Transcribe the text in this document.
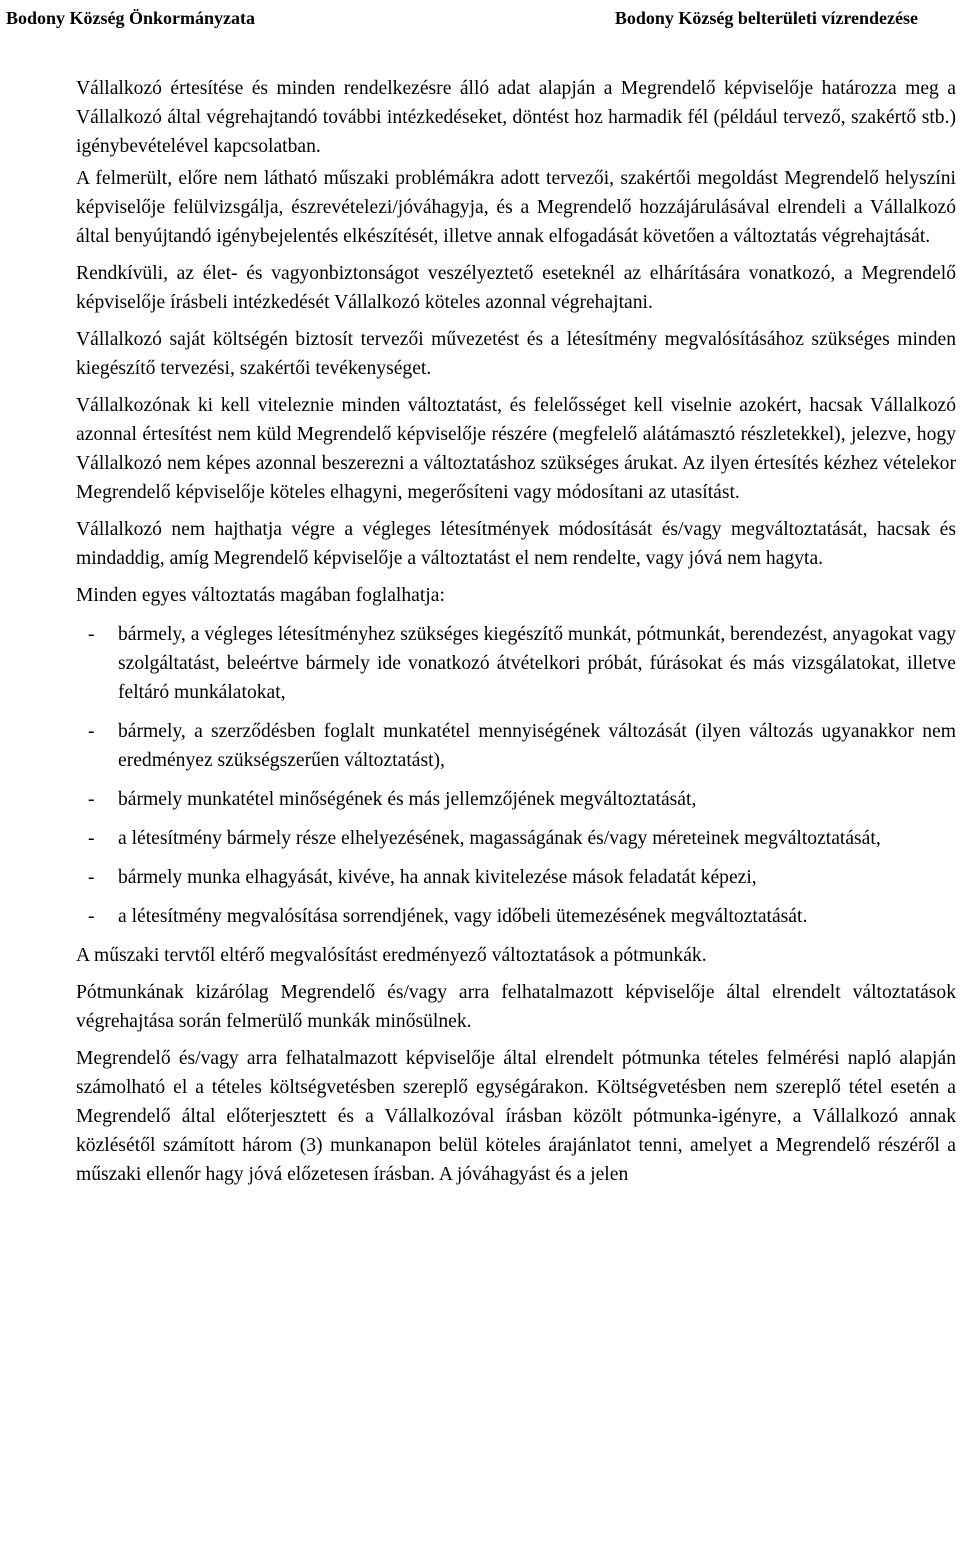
Bodony Község Önkormányzata	Bodony Község belterületi vízrendezése

Vállalkozó értesítése és minden rendelkezésre álló adat alapján a Megrendelő képviselője határozza meg a Vállalkozó által végrehajtandó további intézkedéseket, döntést hoz harmadik fél (például tervező, szakértő stb.) igénybevételével kapcsolatban.

A felmerült, előre nem látható műszaki problémákra adott tervezői, szakértői megoldást Megrendelő helyszíni képviselője felülvizsgálja, észrevételezi/jóváhagyja, és a Megrendelő hozzájárulásával elrendeli a Vállalkozó által benyújtandó igénybejelentés elkészítését, illetve annak elfogadását követően a változtatás végrehajtását.

Rendkívüli, az élet- és vagyonbiztonságot veszélyeztető eseteknél az elhárítására vonatkozó, a Megrendelő képviselője írásbeli intézkedését Vállalkozó köteles azonnal végrehajtani.

Vállalkozó saját költségén biztosít tervezői művezetést és a létesítmény megvalósításához szükséges minden kiegészítő tervezési, szakértői tevékenységet.

Vállalkozónak ki kell viteleznie minden változtatást, és felelősséget kell viselnie azokért, hacsak Vállalkozó azonnal értesítést nem küld Megrendelő képviselője részére (megfelelő alátámasztó részletekkel), jelezve, hogy Vállalkozó nem képes azonnal beszerezni a változtatáshoz szükséges árukat. Az ilyen értesítés kézhez vételekor Megrendelő képviselője köteles elhagyni, megerősíteni vagy módosítani az utasítást.

Vállalkozó nem hajthatja végre a végleges létesítmények módosítását és/vagy megváltoztatását, hacsak és mindaddig, amíg Megrendelő képviselője a változtatást el nem rendelte, vagy jóvá nem hagyta.

Minden egyes változtatás magában foglalhatja:

- bármely, a végleges létesítményhez szükséges kiegészítő munkát, pótmunkát, berendezést, anyagokat vagy szolgáltatást, beleértve bármely ide vonatkozó átvételkori próbát, fúrásokat és más vizsgálatokat, illetve feltáró munkálatokat,
- bármely, a szerződésben foglalt munkatétel mennyiségének változását (ilyen változás ugyanakkor nem eredményez szükségszerűen változtatást),
- bármely munkatétel minőségének és más jellemzőjének megváltoztatását,
- a létesítmény bármely része elhelyezésének, magasságának és/vagy méreteinek megváltoztatását,
- bármely munka elhagyását, kivéve, ha annak kivitelezése mások feladatát képezi,
- a létesítmény megvalósítása sorrendjének, vagy időbeli ütemezésének megváltoztatását.

A műszaki tervtől eltérő megvalósítást eredményező változtatások a pótmunkák.

Pótmunkának kizárólag Megrendelő és/vagy arra felhatalmazott képviselője által elrendelt változtatások végrehajtása során felmerülő munkák minősülnek.

Megrendelő és/vagy arra felhatalmazott képviselője által elrendelt pótmunka tételes felmérési napló alapján számolható el a tételes költségvetésben szereplő egységárakon. Költségvetésben nem szereplő tétel esetén a Megrendelő által előterjesztett és a Vállalkozóval írásban közölt pótmunka-igényre, a Vállalkozó annak közlésétől számított három (3) munkanapon belül köteles árajánlatot tenni, amelyet a Megrendelő részéről a műszaki ellenőr hagy jóvá előzetesen írásban. A jóváhagyást és a jelen
